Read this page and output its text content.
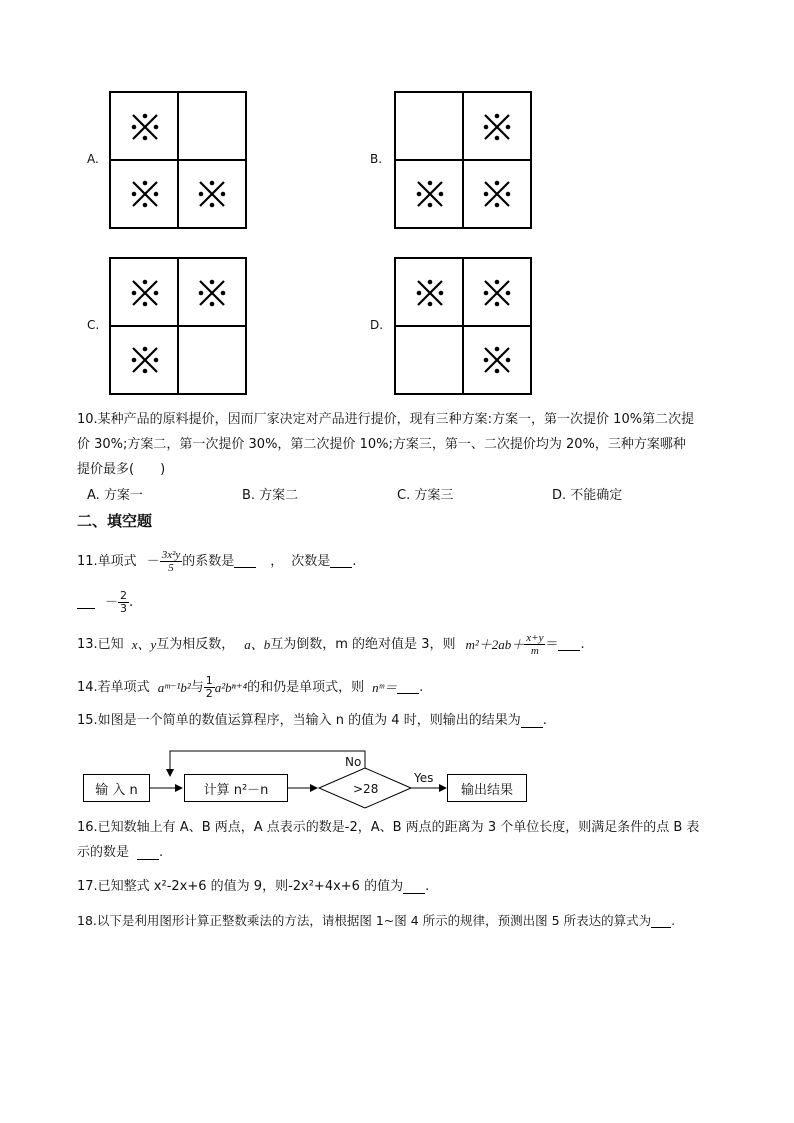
A.	B.
C.	D.
10.某种产品的原料提价，因而厂家决定对产品进行提价，现有三种方案:方案一，第一次提价 10%第二次提
价 30%;方案二，第一次提价 30%，第二次提价 10%;方案三，第一、二次提价均为 20%，三种方案哪种
提价最多(　　)
A. 方案一	B. 方案二	C. 方案三	D. 不能确定
二、填空题
11.单项式 － $\frac{\text{3x²y}}{5}$ 的系数是	， 次数是 .
－ $\frac{2}{3}$ .
13.已知 x、y 互为相反数， a、b 互为倒数，m 的绝对值是 3，则 $m^2+2ab+ \frac{x+y}{m}$ ＝ .
14.若单项式 aᵐ⁻¹b² 与 $\frac{1}{2} a^2b^{n+4}$ 的和仍是单项式，则 nᵐ＝ .
15.如图是一个简单的数值运算程序，当输入 n 的值为 4 时，则输出的结果为 .
输 入 n	计算 n²－n	>28
No
Yes
输出结果
16.已知数轴上有 A、B 两点，A 点表示的数是-2，A、B 两点的距离为 3 个单位长度，则满足条件的点 B 表
示的数是 .
17.已知整式 x²-2x+6 的值为 9，则-2x²+4x+6 的值为 .
18.以下是利用图形计算正整数乘法的方法，请根据图 1~图 4 所示的规律，预测出图 5 所表达的算式为 .
